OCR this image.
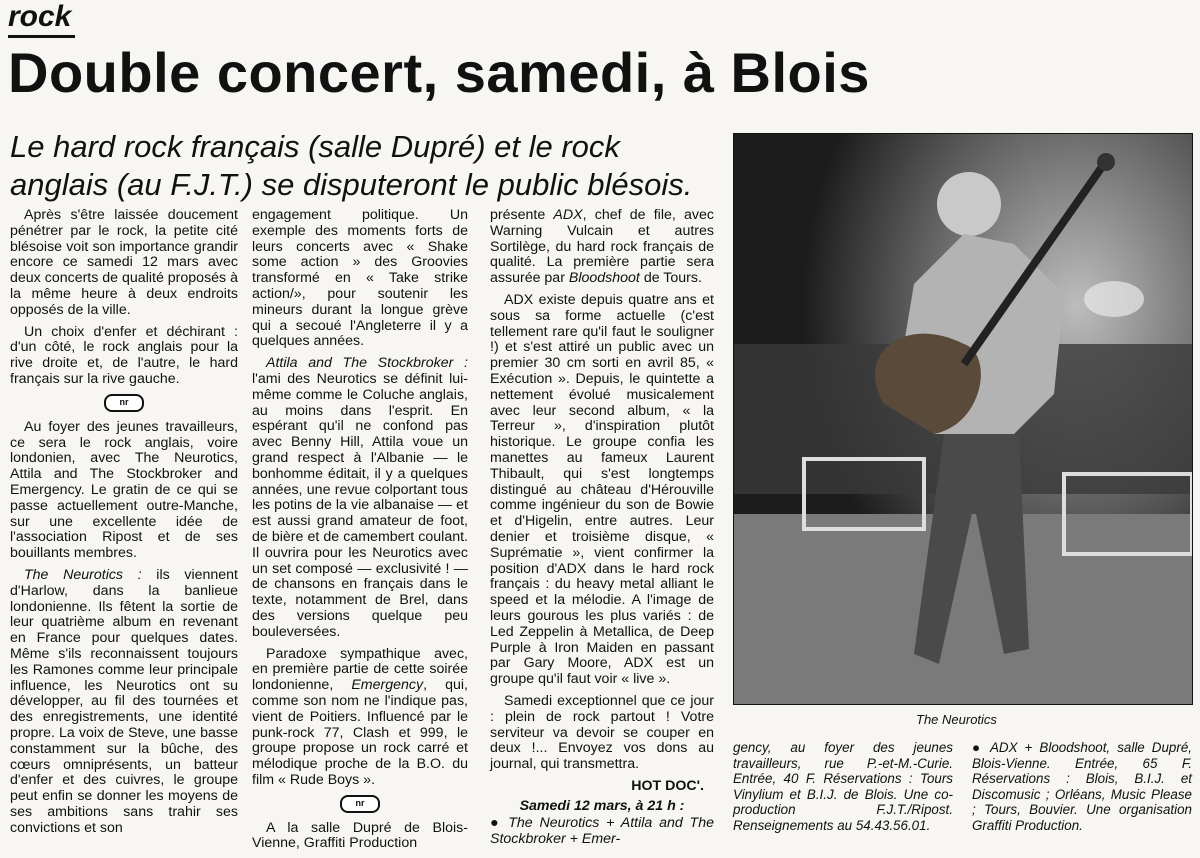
rock
Double concert, samedi, à Blois
Le hard rock français (salle Dupré) et le rock anglais (au F.J.T.) se disputeront le public blésois.

Après s'être laissée doucement pénétrer par le rock, la petite cité blésoise voit son importance grandir encore ce samedi 12 mars avec deux concerts de qualité proposés à la même heure à deux endroits opposés de la ville.

Un choix d'enfer et déchirant : d'un côté, le rock anglais pour la rive droite et, de l'autre, le hard français sur la rive gauche.

nr

Au foyer des jeunes travailleurs, ce sera le rock anglais, voire londonien, avec The Neurotics, Attila and The Stockbroker and Emergency. Le gratin de ce qui se passe actuellement outre-Manche, sur une excellente idée de l'association Ripost et de ses bouillants membres.

The Neurotics : ils viennent d'Harlow, dans la banlieue londonienne. Ils fêtent la sortie de leur quatrième album en revenant en France pour quelques dates. Même s'ils reconnaissent toujours les Ramones comme leur principale influence, les Neurotics ont su développer, au fil des tournées et des enregistrements, une identité propre. La voix de Steve, une basse constamment sur la bûche, des cœurs omniprésents, un batteur d'enfer et des cuivres, le groupe peut enfin se donner les moyens de ses ambitions sans trahir ses convictions et son

engagement politique. Un exemple des moments forts de leurs concerts avec « Shake some action » des Groovies transformé en « Take strike action/», pour soutenir les mineurs durant la longue grève qui a secoué l'Angleterre il y a quelques années.

Attila and The Stockbroker : l'ami des Neurotics se définit lui-même comme le Coluche anglais, au moins dans l'esprit. En espérant qu'il ne confond pas avec Benny Hill, Attila voue un grand respect à l'Albanie — le bonhomme éditait, il y a quelques années, une revue colportant tous les potins de la vie albanaise — et est aussi grand amateur de foot, de bière et de camembert coulant. Il ouvrira pour les Neurotics avec un set composé — exclusivité ! — de chansons en français dans le texte, notamment de Brel, dans des versions quelque peu bouleversées.

Paradoxe sympathique avec, en première partie de cette soirée londonienne, Emergency, qui, comme son nom ne l'indique pas, vient de Poitiers. Influencé par le punk-rock 77, Clash et 999, le groupe propose un rock carré et mélodique proche de la B.O. du film « Rude Boys ».

nr

A la salle Dupré de Blois-Vienne, Graffiti Production

présente ADX, chef de file, avec Warning Vulcain et autres Sortilège, du hard rock français de qualité. La première partie sera assurée par Bloodshoot de Tours.

ADX existe depuis quatre ans et sous sa forme actuelle (c'est tellement rare qu'il faut le souligner !) et s'est attiré un public avec un premier 30 cm sorti en avril 85, « Exécution ». Depuis, le quintette a nettement évolué musicalement avec leur second album, « la Terreur », d'inspiration plutôt historique. Le groupe confia les manettes au fameux Laurent Thibault, qui s'est longtemps distingué au château d'Hérouville comme ingénieur du son de Bowie et d'Higelin, entre autres. Leur denier et troisième disque, « Suprématie », vient confirmer la position d'ADX dans le hard rock français : du heavy metal alliant le speed et la mélodie. A l'image de leurs gourous les plus variés : de Led Zeppelin à Metallica, de Deep Purple à Iron Maiden en passant par Gary Moore, ADX est un groupe qu'il faut voir « live ».

Samedi exceptionnel que ce jour : plein de rock partout ! Votre serviteur va devoir se couper en deux !... Envoyez vos dons au journal, qui transmettra.

HOT DOC'.
Samedi 12 mars, à 21 h :
● The Neurotics + Attila and The Stockbroker + Emer-
The Neurotics
gency, au foyer des jeunes travailleurs, rue P.-et-M.-Curie. Entrée, 40 F. Réservations : Tours Vinylium et B.I.J. de Blois. Une co-production F.J.T./Ripost. Renseignements au 54.43.56.01.
● ADX + Bloodshoot, salle Dupré, Blois-Vienne. Entrée, 65 F. Réservations : Blois, B.I.J. et Discomusic ; Orléans, Music Please ; Tours, Bouvier. Une organisation Graffiti Production.
